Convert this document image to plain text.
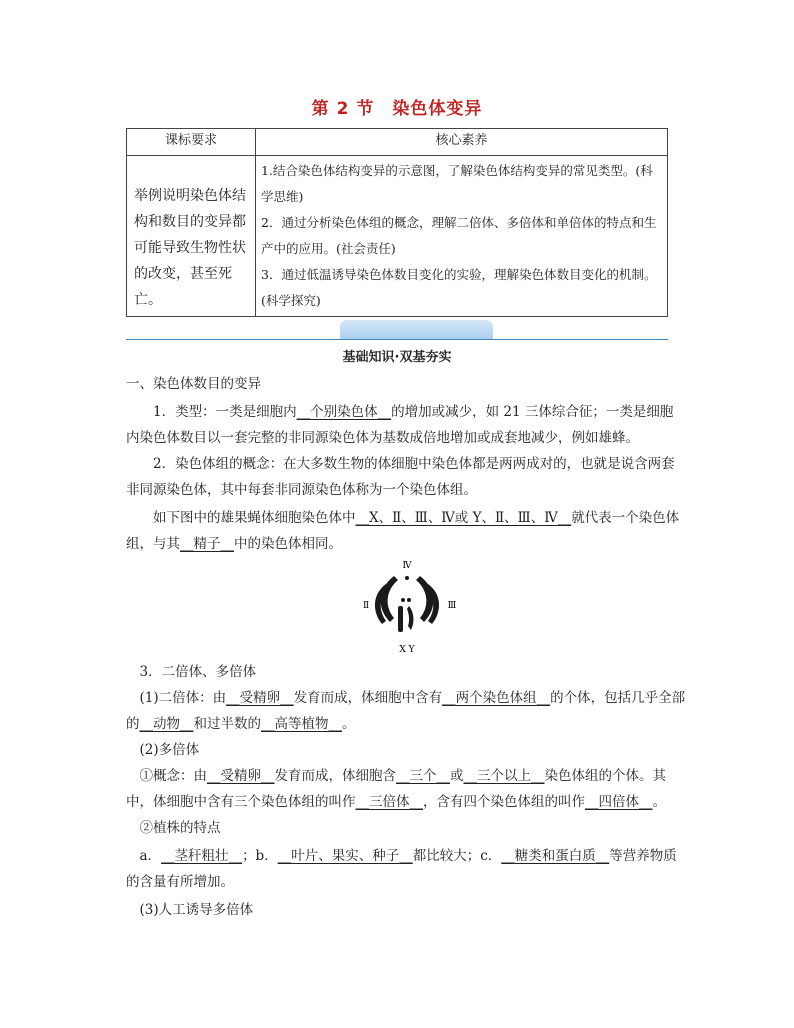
第 2 节　染色体变异
课标要求	核心素养

举例说明染色体结构和数目的变异都可能导致生物性状的改变，甚至死亡。	1.结合染色体结构变异的示意图，了解染色体结构变异的常见类型。(科学思维)

2．通过分析染色体组的概念，理解二倍体、多倍体和单倍体的特点和生产中的应用。(社会责任)

3．通过低温诱导染色体数目变化的实验，理解染色体数目变化的机制。(科学探究)

基础知识·双基夯实

一、染色体数目的变异

1．类型：一类是细胞内__个别染色体__的增加或减少，如 21 三体综合征；一类是细胞内染色体数目以一套完整的非同源染色体为基数成倍地增加或成套地减少，例如雄蜂。

2．染色体组的概念：在大多数生物的体细胞中染色体都是两两成对的，也就是说含两套非同源染色体，其中每套非同源染色体称为一个染色体组。

如下图中的雄果蝇体细胞染色体中__X、Ⅱ、Ⅲ、Ⅳ或 Y、Ⅱ、Ⅲ、Ⅳ__就代表一个染色体组，与其__精子__中的染色体相同。

Ⅳ
Ⅱ	Ⅲ
X Y

3．二倍体、多倍体

(1)二倍体：由__受精卵__发育而成，体细胞中含有__两个染色体组__的个体，包括几乎全部的__动物__和过半数的__高等植物__。

(2)多倍体

①概念：由__受精卵__发育而成，体细胞含__三个__或__三个以上__染色体组的个体。其中，体细胞中含有三个染色体组的叫作__三倍体__，含有四个染色体组的叫作__四倍体__。

②植株的特点

a．__茎秆粗壮__；b．__叶片、果实、种子__都比较大；c．__糖类和蛋白质__等营养物质的含量有所增加。

(3)人工诱导多倍体
